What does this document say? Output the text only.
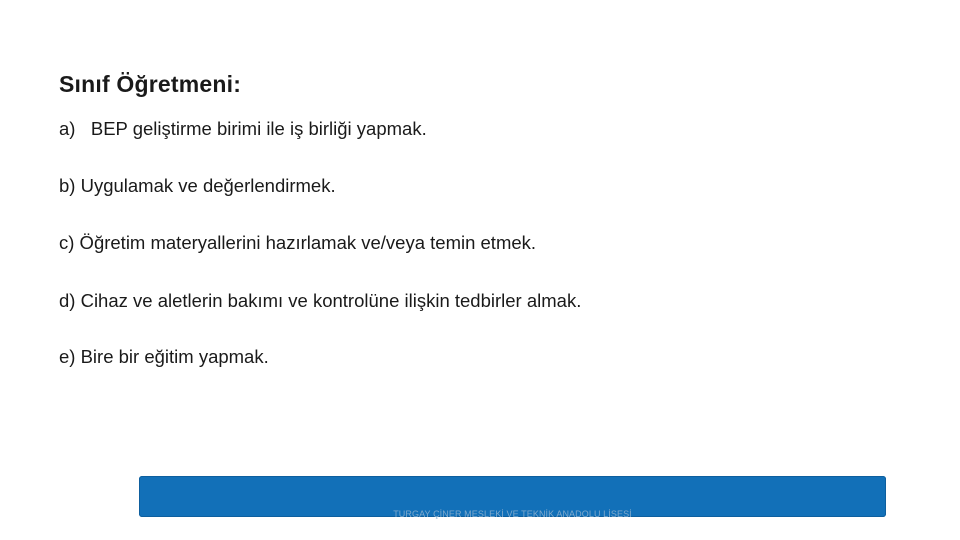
Sınıf Öğretmeni:

a)   BEP geliştirme birimi ile iş birliği yapmak.

b) Uygulamak ve değerlendirmek.

c) Öğretim materyallerini hazırlamak ve/veya temin etmek.

d) Cihaz ve aletlerin bakımı ve kontrolüne ilişkin tedbirler almak.

e) Bire bir eğitim yapmak.

TURGAY ÇİNER MESLEKİ VE TEKNİK ANADOLU LİSESİ
